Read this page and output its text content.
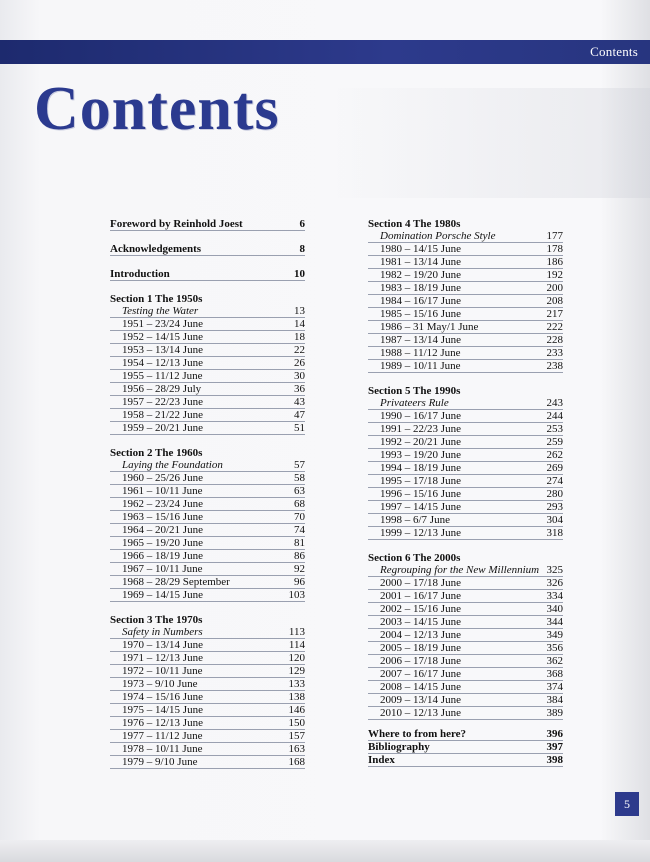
Contents
Contents
Foreword by Reinhold Joest	6
Acknowledgements	8
Introduction	10
Section 1 The 1950s
Testing the Water	13
1951 – 23/24 June	14
1952 – 14/15 June	18
1953 – 13/14 June	22
1954 – 12/13 June	26
1955 – 11/12 June	30
1956 – 28/29 July	36
1957 – 22/23 June	43
1958 – 21/22 June	47
1959 – 20/21 June	51
Section 2 The 1960s
Laying the Foundation	57
1960 – 25/26 June	58
1961 – 10/11 June	63
1962 – 23/24 June	68
1963 – 15/16 June	70
1964 – 20/21 June	74
1965 – 19/20 June	81
1966 – 18/19 June	86
1967 – 10/11 June	92
1968 – 28/29 September	96
1969 – 14/15 June	103
Section 3 The 1970s
Safety in Numbers	113
1970 – 13/14 June	114
1971 – 12/13 June	120
1972 – 10/11 June	129
1973 – 9/10 June	133
1974 – 15/16 June	138
1975 – 14/15 June	146
1976 – 12/13 June	150
1977 – 11/12 June	157
1978 – 10/11 June	163
1979 – 9/10 June	168
Section 4 The 1980s
Domination Porsche Style	177
1980 – 14/15 June	178
1981 – 13/14 June	186
1982 – 19/20 June	192
1983 – 18/19 June	200
1984 – 16/17 June	208
1985 – 15/16 June	217
1986 – 31 May/1 June	222
1987 – 13/14 June	228
1988 – 11/12 June	233
1989 – 10/11 June	238
Section 5 The 1990s
Privateers Rule	243
1990 – 16/17 June	244
1991 – 22/23 June	253
1992 – 20/21 June	259
1993 – 19/20 June	262
1994 – 18/19 June	269
1995 – 17/18 June	274
1996 – 15/16 June	280
1997 – 14/15 June	293
1998 – 6/7 June	304
1999 – 12/13 June	318
Section 6 The 2000s
Regrouping for the New Millennium 325
2000 – 17/18 June	326
2001 – 16/17 June	334
2002 – 15/16 June	340
2003 – 14/15 June	344
2004 – 12/13 June	349
2005 – 18/19 June	356
2006 – 17/18 June	362
2007 – 16/17 June	368
2008 – 14/15 June	374
2009 – 13/14 June	384
2010 – 12/13 June	389
Where to from here?	396
Bibliography	397
Index	398
5
